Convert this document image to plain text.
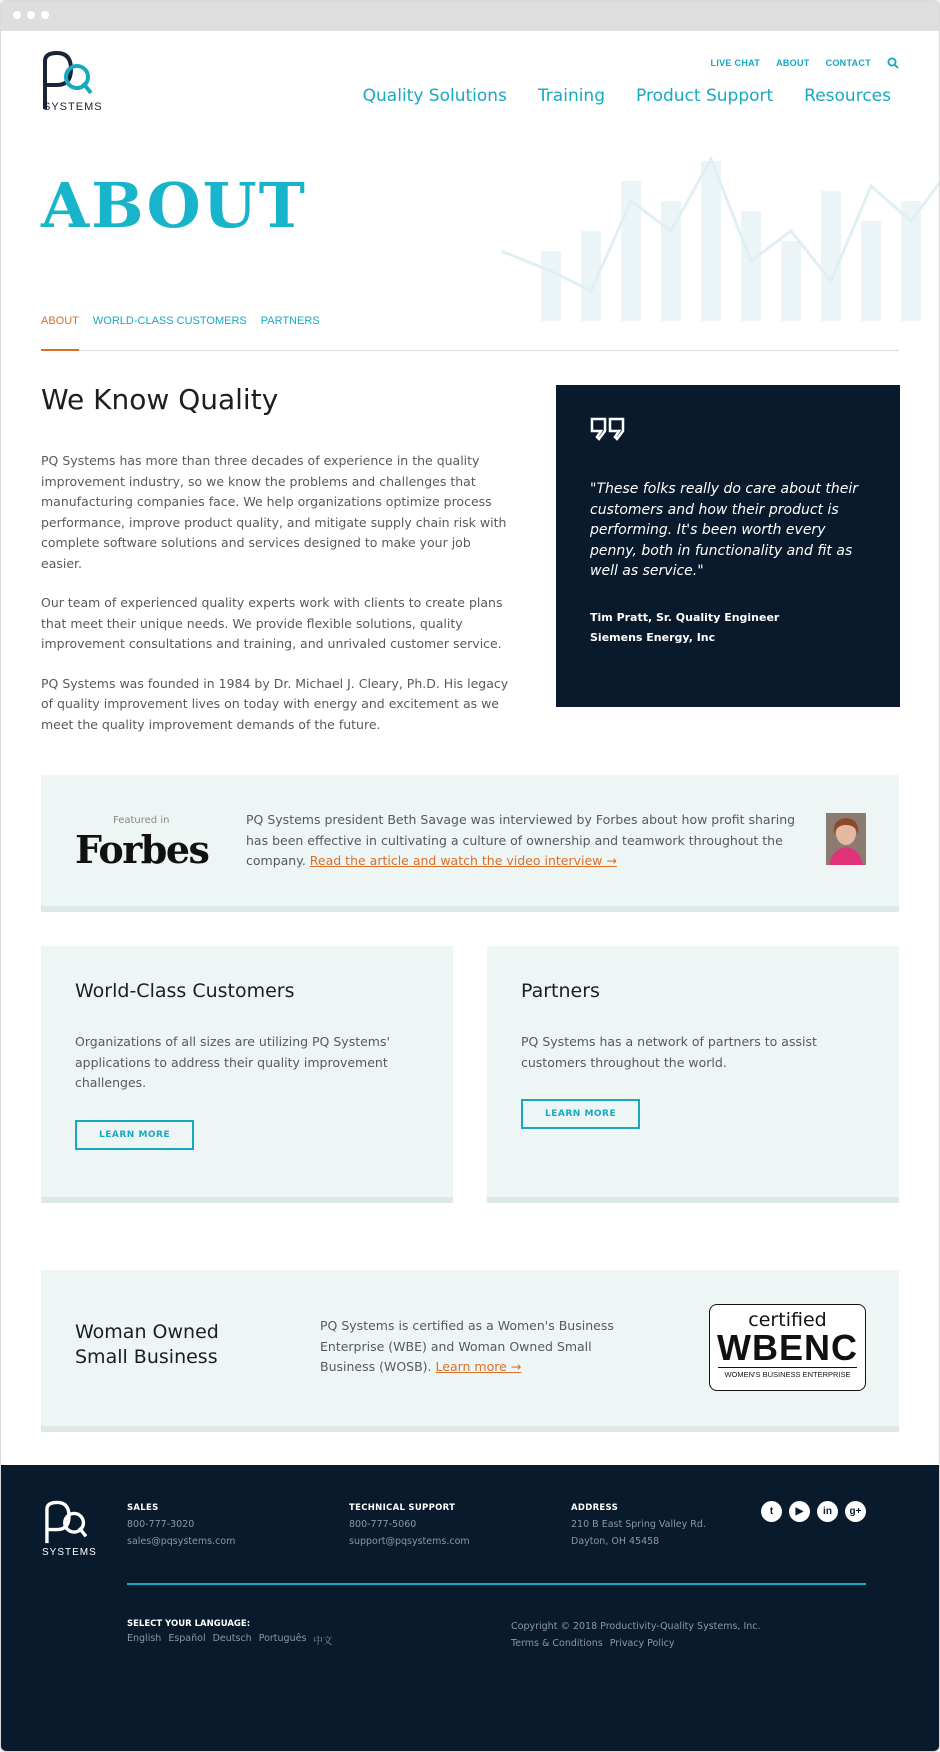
SYSTEMS
LIVE CHAT ABOUT CONTACT
Quality Solutions Training Product Support Resources
ABOUT
ABOUT WORLD-CLASS CUSTOMERS PARTNERS
We Know Quality

PQ Systems has more than three decades of experience in the quality improvement industry, so we know the problems and challenges that manufacturing companies face. We help organizations optimize process performance, improve product quality, and mitigate supply chain risk with complete software solutions and services designed to make your job easier.

Our team of experienced quality experts work with clients to create plans that meet their unique needs. We provide flexible solutions, quality improvement consultations and training, and unrivaled customer service.

PQ Systems was founded in 1984 by Dr. Michael J. Cleary, Ph.D. His legacy of quality improvement lives on today with energy and excitement as we meet the quality improvement demands of the future.

"These folks really do care about their customers and how their product is performing. It's been worth every penny, both in functionality and fit as well as service."

Tim Pratt, Sr. Quality Engineer
Siemens Energy, Inc
Featured in
Forbes

PQ Systems president Beth Savage was interviewed by Forbes about how profit sharing has been effective in cultivating a culture of ownership and teamwork throughout the company. Read the article and watch the video interview →

World-Class Customers

Organizations of all sizes are utilizing PQ Systems' applications to address their quality improvement challenges.

LEARN MORE
Partners

PQ Systems has a network of partners to assist customers throughout the world.

LEARN MORE
Woman Owned Small Business

PQ Systems is certified as a Women's Business Enterprise (WBE) and Woman Owned Small Business (WOSB). Learn more →

certified
WBENC
WOMEN'S BUSINESS ENTERPRISE
SYSTEMS
SALES
800-777-3020
sales@pqsystems.com
TECHNICAL SUPPORT
800-777-5060
support@pqsystems.com
ADDRESS
210 B East Spring Valley Rd.
Dayton, OH 45458
t	▶	in	g+
SELECT YOUR LANGUAGE:
English Español Deutsch Português 中文
Copyright © 2018 Productivity-Quality Systems, Inc.
Terms & Conditions Privacy Policy
